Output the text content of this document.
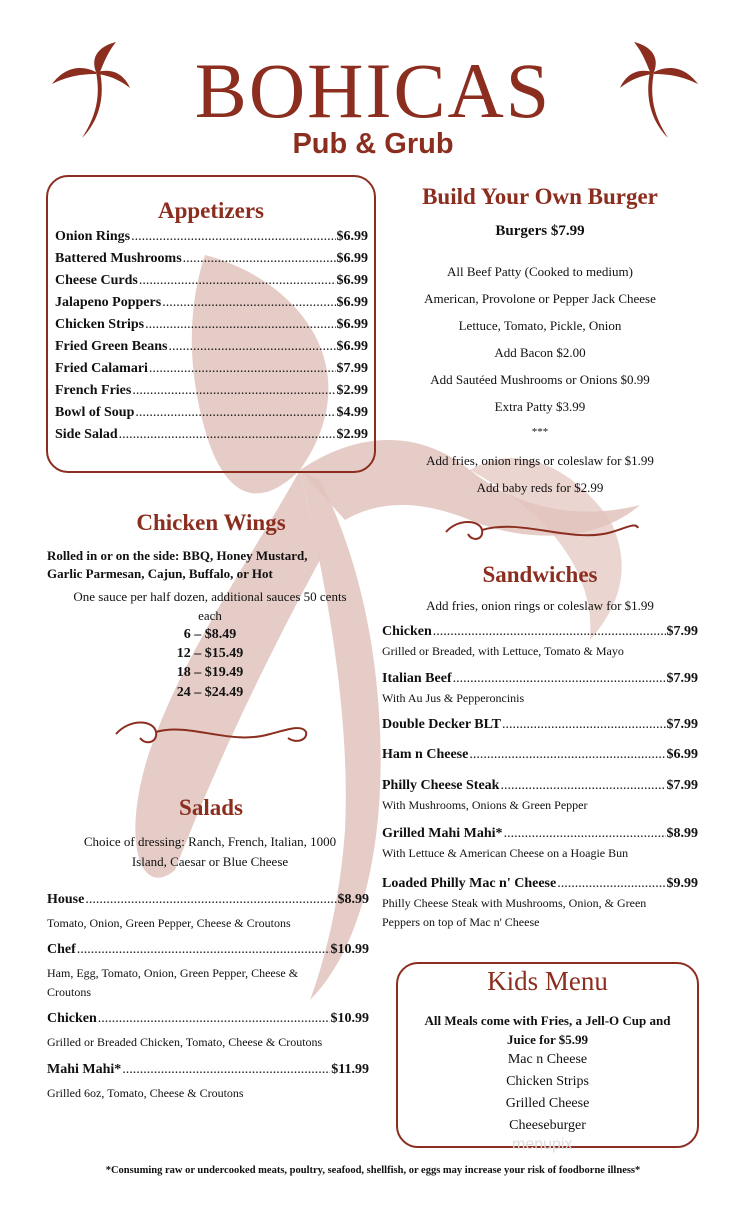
BOHICAS
Pub & Grub
Appetizers
Onion Rings .....	$6.99
Battered Mushrooms .....	$6.99
Cheese Curds .....	$6.99
Jalapeno Poppers .....	$6.99
Chicken Strips .....	$6.99
Fried Green Beans .....	$6.99
Fried Calamari .....	$7.99
French Fries .....	$2.99
Bowl of Soup .....	$4.99
Side Salad .....	$2.99
Chicken Wings
Rolled in or on the side: BBQ, Honey Mustard,
Garlic Parmesan, Cajun, Buffalo, or Hot
One sauce per half dozen, additional sauces 50 cents
each
6 – $8.49
12 – $15.49
18 – $19.49
24 – $24.49
Salads
Choice of dressing: Ranch, French, Italian, 1000
Island, Caesar or Blue Cheese
House .....	$8.99
Tomato, Onion, Green Pepper, Cheese & Croutons
Chef .....	$10.99
Ham, Egg, Tomato, Onion, Green Pepper, Cheese &
Croutons
Chicken .....	$10.99
Grilled or Breaded Chicken, Tomato, Cheese & Croutons
Mahi Mahi* .....	$11.99
Grilled 6oz, Tomato, Cheese & Croutons
Build Your Own Burger
Burgers $7.99
All Beef Patty (Cooked to medium)
American, Provolone or Pepper Jack Cheese
Lettuce, Tomato, Pickle, Onion
Add Bacon $2.00
Add Sautéed Mushrooms or Onions $0.99
Extra Patty $3.99
***
Add fries, onion rings or coleslaw for $1.99
Add baby reds for $2.99
Sandwiches
Add fries, onion rings or coleslaw for $1.99
Chicken .....	$7.99
Grilled or Breaded, with Lettuce, Tomato & Mayo
Italian Beef .....	$7.99
With Au Jus & Pepperoncinis
Double Decker BLT .....	$7.99
Ham n Cheese .....	$6.99
Philly Cheese Steak .....	$7.99
With Mushrooms, Onions & Green Pepper
Grilled Mahi Mahi* .....	$8.99
With Lettuce & American Cheese on a Hoagie Bun
Loaded Philly Mac n' Cheese .....	$9.99
Philly Cheese Steak with Mushrooms, Onion, & Green
Peppers on top of Mac n' Cheese
Kids Menu
All Meals come with Fries, a Jell-O Cup and
Juice for $5.99
Mac n Cheese
Chicken Strips
Grilled Cheese
Cheeseburger
menupix
*Consuming raw or undercooked meats, poultry, seafood, shellfish, or eggs may increase your risk of foodborne illness*
